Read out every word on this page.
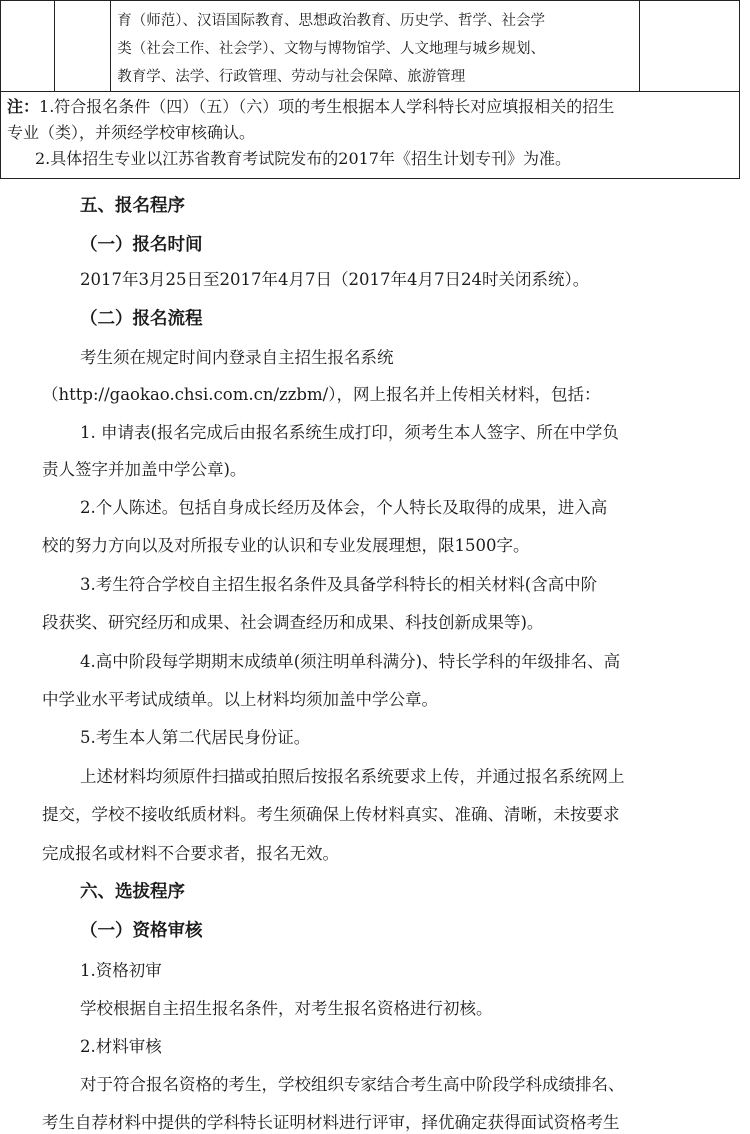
育（师范）、汉语国际教育、思想政治教育、历史学、哲学、社会学
类（社会工作、社会学）、文物与博物馆学、人文地理与城乡规划、
教育学、法学、行政管理、劳动与社会保障、旅游管理

注：1.符合报名条件（四）（五）（六）项的考生根据本人学科特长对应填报相关的招生
专业（类），并须经学校审核确认。
2.具体招生专业以江苏省教育考试院发布的2017年《招生计划专刊》为准。
五、报名程序
（一）报名时间
2017年3月25日至2017年4月7日（2017年4月7日24时关闭系统）。
（二）报名流程
考生须在规定时间内登录自主招生报名系统
（http://gaokao.chsi.com.cn/zzbm/），网上报名并上传相关材料，包括：
1. 申请表(报名完成后由报名系统生成打印，须考生本人签字、所在中学负
责人签字并加盖中学公章)。
2.个人陈述。包括自身成长经历及体会，个人特长及取得的成果，进入高
校的努力方向以及对所报专业的认识和专业发展理想，限1500字。
3.考生符合学校自主招生报名条件及具备学科特长的相关材料(含高中阶
段获奖、研究经历和成果、社会调查经历和成果、科技创新成果等)。
4.高中阶段每学期期末成绩单(须注明单科满分)、特长学科的年级排名、高
中学业水平考试成绩单。以上材料均须加盖中学公章。
5.考生本人第二代居民身份证。
上述材料均须原件扫描或拍照后按报名系统要求上传，并通过报名系统网上
提交，学校不接收纸质材料。考生须确保上传材料真实、准确、清晰，未按要求
完成报名或材料不合要求者，报名无效。
六、选拔程序
（一）资格审核
1.资格初审
学校根据自主招生报名条件，对考生报名资格进行初核。
2.材料审核
对于符合报名资格的考生，学校组织专家结合考生高中阶段学科成绩排名、
考生自荐材料中提供的学科特长证明材料进行评审，择优确定获得面试资格考生
